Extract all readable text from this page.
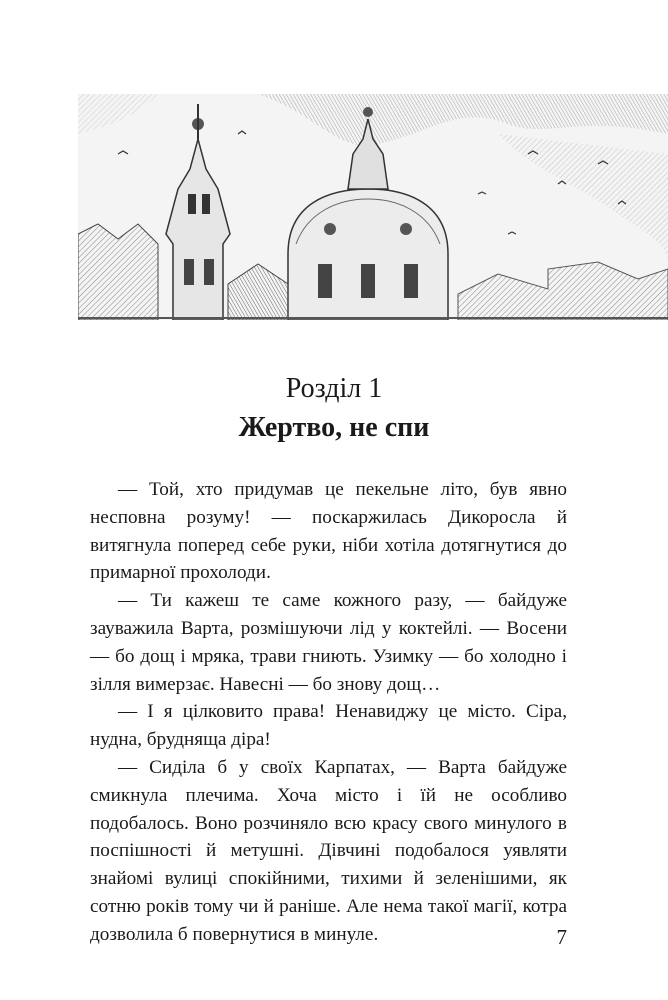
Розділ 1
Жертво, не спи

— Той, хто придумав це пекельне літо, був явно несповна розуму! — поскаржилась Дикоросла й витягнула поперед себе руки, ніби хотіла дотягнутися до примарної прохолоди.

— Ти кажеш те саме кожного разу, — байдуже зауважила Варта, розмішуючи лід у коктейлі. — Восени — бо дощ і мряка, трави гниють. Узимку — бо холодно і зілля вимерзає. Навесні — бо знову дощ…

— І я цілковито права! Ненавиджу це місто. Сіра, нудна, брудняща діра!

— Сиділа б у своїх Карпатах, — Варта байдуже смикнула плечима. Хоча місто і їй не особливо подобалось. Воно розчиняло всю красу свого минулого в поспішності й метушні. Дівчині подобалося уявляти знайомі вулиці спокійними, тихими й зеленішими, як сотню років тому чи й раніше. Але нема такої магії, котра дозволила б повернутися в минуле.	7
